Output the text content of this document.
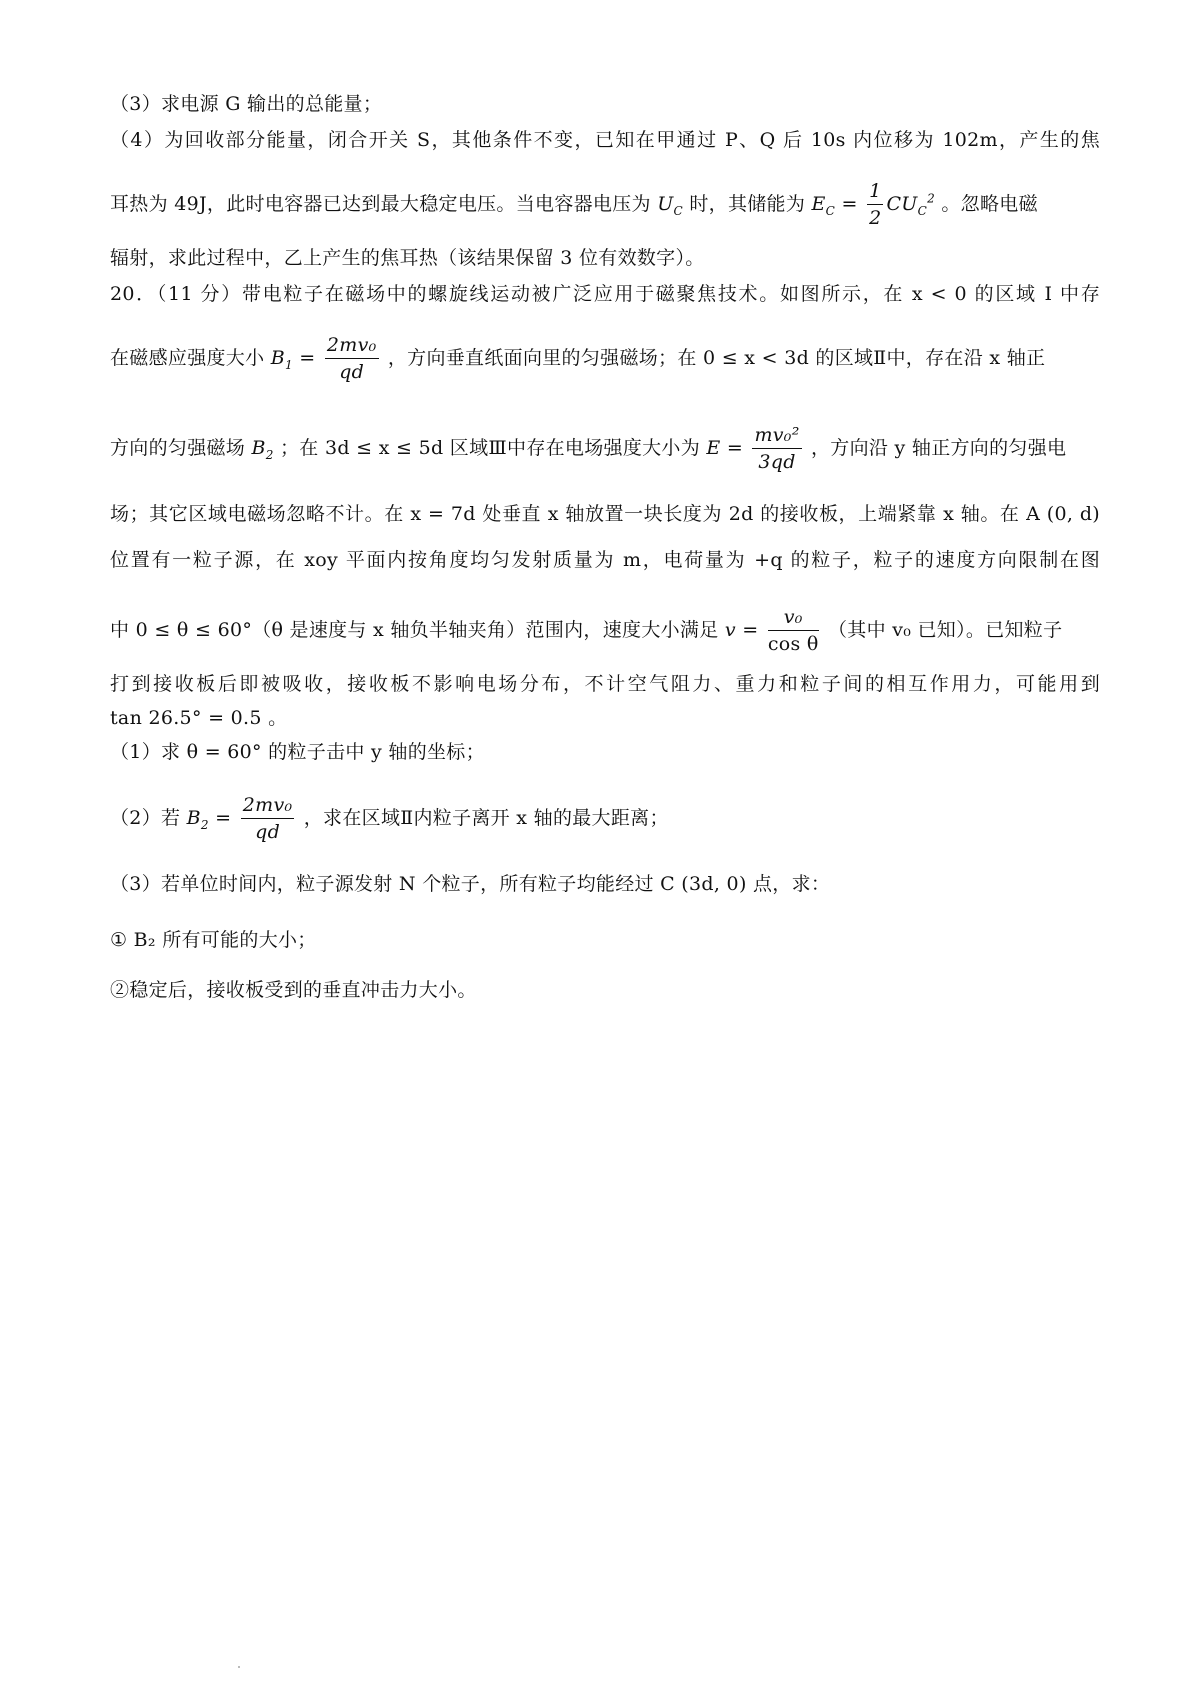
（3）求电源 G 输出的总能量；
（4）为回收部分能量，闭合开关 S，其他条件不变，已知在甲通过 P、Q 后 10s 内位移为 102m，产生的焦
耳热为 49J，此时电容器已达到最大稳定电压。当电容器电压为 $U_C$ 时，其储能为 $E_C = \frac{1}{2} CU_C^2$ 。忽略电磁
辐射，求此过程中，乙上产生的焦耳热（该结果保留 3 位有效数字）。
20．（11 分）带电粒子在磁场中的螺旋线运动被广泛应用于磁聚焦技术。如图所示，在 x < 0 的区域 I 中存
在磁感应强度大小 $B_1 = \frac{\text{2mv₀}}{qd}$ ，方向垂直纸面向里的匀强磁场；在 0 ≤ x < 3d 的区域Ⅱ中，存在沿 x 轴正
方向的匀强磁场 $B_2$ ；在 3d ≤ x ≤ 5d 区域Ⅲ中存在电场强度大小为 $E = \frac{\text{mv₀²}}{3qd}$ ，方向沿 y 轴正方向的匀强电
场；其它区域电磁场忽略不计。在 x = 7d 处垂直 x 轴放置一块长度为 2d 的接收板，上端紧靠 x 轴。在 A (0, d)
位置有一粒子源，在 xoy 平面内按角度均匀发射质量为 m，电荷量为 +q 的粒子，粒子的速度方向限制在图
中 0 ≤ θ ≤ 60°（θ 是速度与 x 轴负半轴夹角）范围内，速度大小满足 $v = \frac{\text{v₀}}{\text{cos θ}}$ （其中 v₀ 已知）。已知粒子
打到接收板后即被吸收，接收板不影响电场分布，不计空气阻力、重力和粒子间的相互作用力，可能用到
tan 26.5° = 0.5 。
（1）求 θ = 60° 的粒子击中 y 轴的坐标；
（2）若 $B_2 = \frac{\text{2mv₀}}{qd}$ ，求在区域Ⅱ内粒子离开 x 轴的最大距离；
（3）若单位时间内，粒子源发射 N 个粒子，所有粒子均能经过 C (3d, 0) 点，求：
① B₂ 所有可能的大小；
②稳定后，接收板受到的垂直冲击力大小。
